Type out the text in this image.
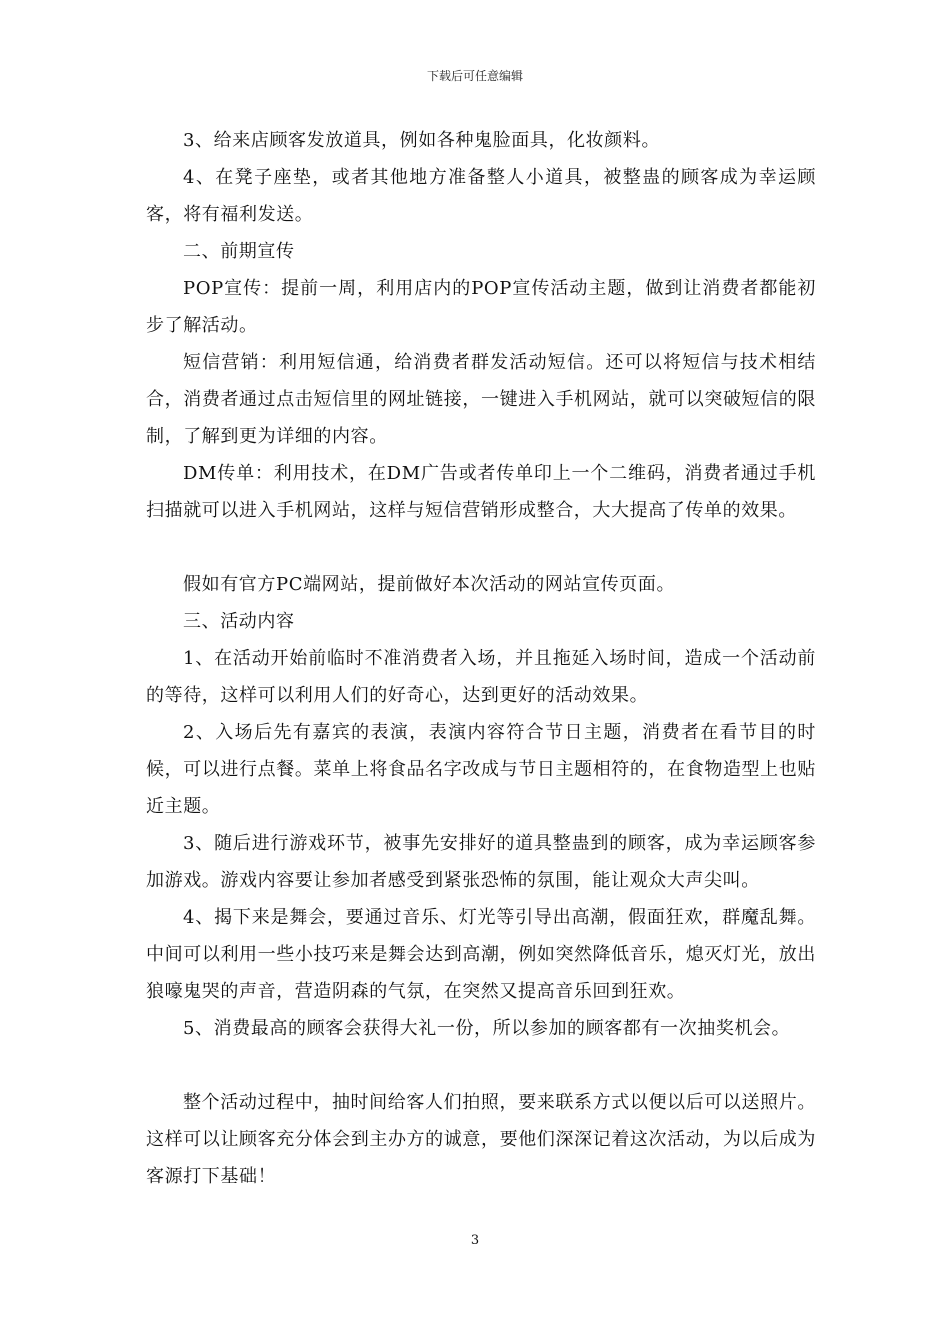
下载后可任意编辑

3、给来店顾客发放道具，例如各种鬼脸面具，化妆颜料。

4、在凳子座垫，或者其他地方准备整人小道具，被整蛊的顾客成为幸运顾客，将有福利发送。

二、前期宣传

POP宣传：提前一周，利用店内的POP宣传活动主题，做到让消费者都能初步了解活动。

短信营销：利用短信通，给消费者群发活动短信。还可以将短信与技术相结合，消费者通过点击短信里的网址链接，一键进入手机网站，就可以突破短信的限制，了解到更为详细的内容。

DM传单：利用技术，在DM广告或者传单印上一个二维码，消费者通过手机扫描就可以进入手机网站，这样与短信营销形成整合，大大提高了传单的效果。

假如有官方PC端网站，提前做好本次活动的网站宣传页面。

三、活动内容

1、在活动开始前临时不准消费者入场，并且拖延入场时间，造成一个活动前的等待，这样可以利用人们的好奇心，达到更好的活动效果。

2、入场后先有嘉宾的表演，表演内容符合节日主题，消费者在看节目的时候，可以进行点餐。菜单上将食品名字改成与节日主题相符的，在食物造型上也贴近主题。

3、随后进行游戏环节，被事先安排好的道具整蛊到的顾客，成为幸运顾客参加游戏。游戏内容要让参加者感受到紧张恐怖的氛围，能让观众大声尖叫。

4、揭下来是舞会，要通过音乐、灯光等引导出高潮，假面狂欢，群魔乱舞。中间可以利用一些小技巧来是舞会达到高潮，例如突然降低音乐，熄灭灯光，放出狼嚎鬼哭的声音，营造阴森的气氛，在突然又提高音乐回到狂欢。

5、消费最高的顾客会获得大礼一份，所以参加的顾客都有一次抽奖机会。

整个活动过程中，抽时间给客人们拍照，要来联系方式以便以后可以送照片。这样可以让顾客充分体会到主办方的诚意，要他们深深记着这次活动，为以后成为客源打下基础！

3
